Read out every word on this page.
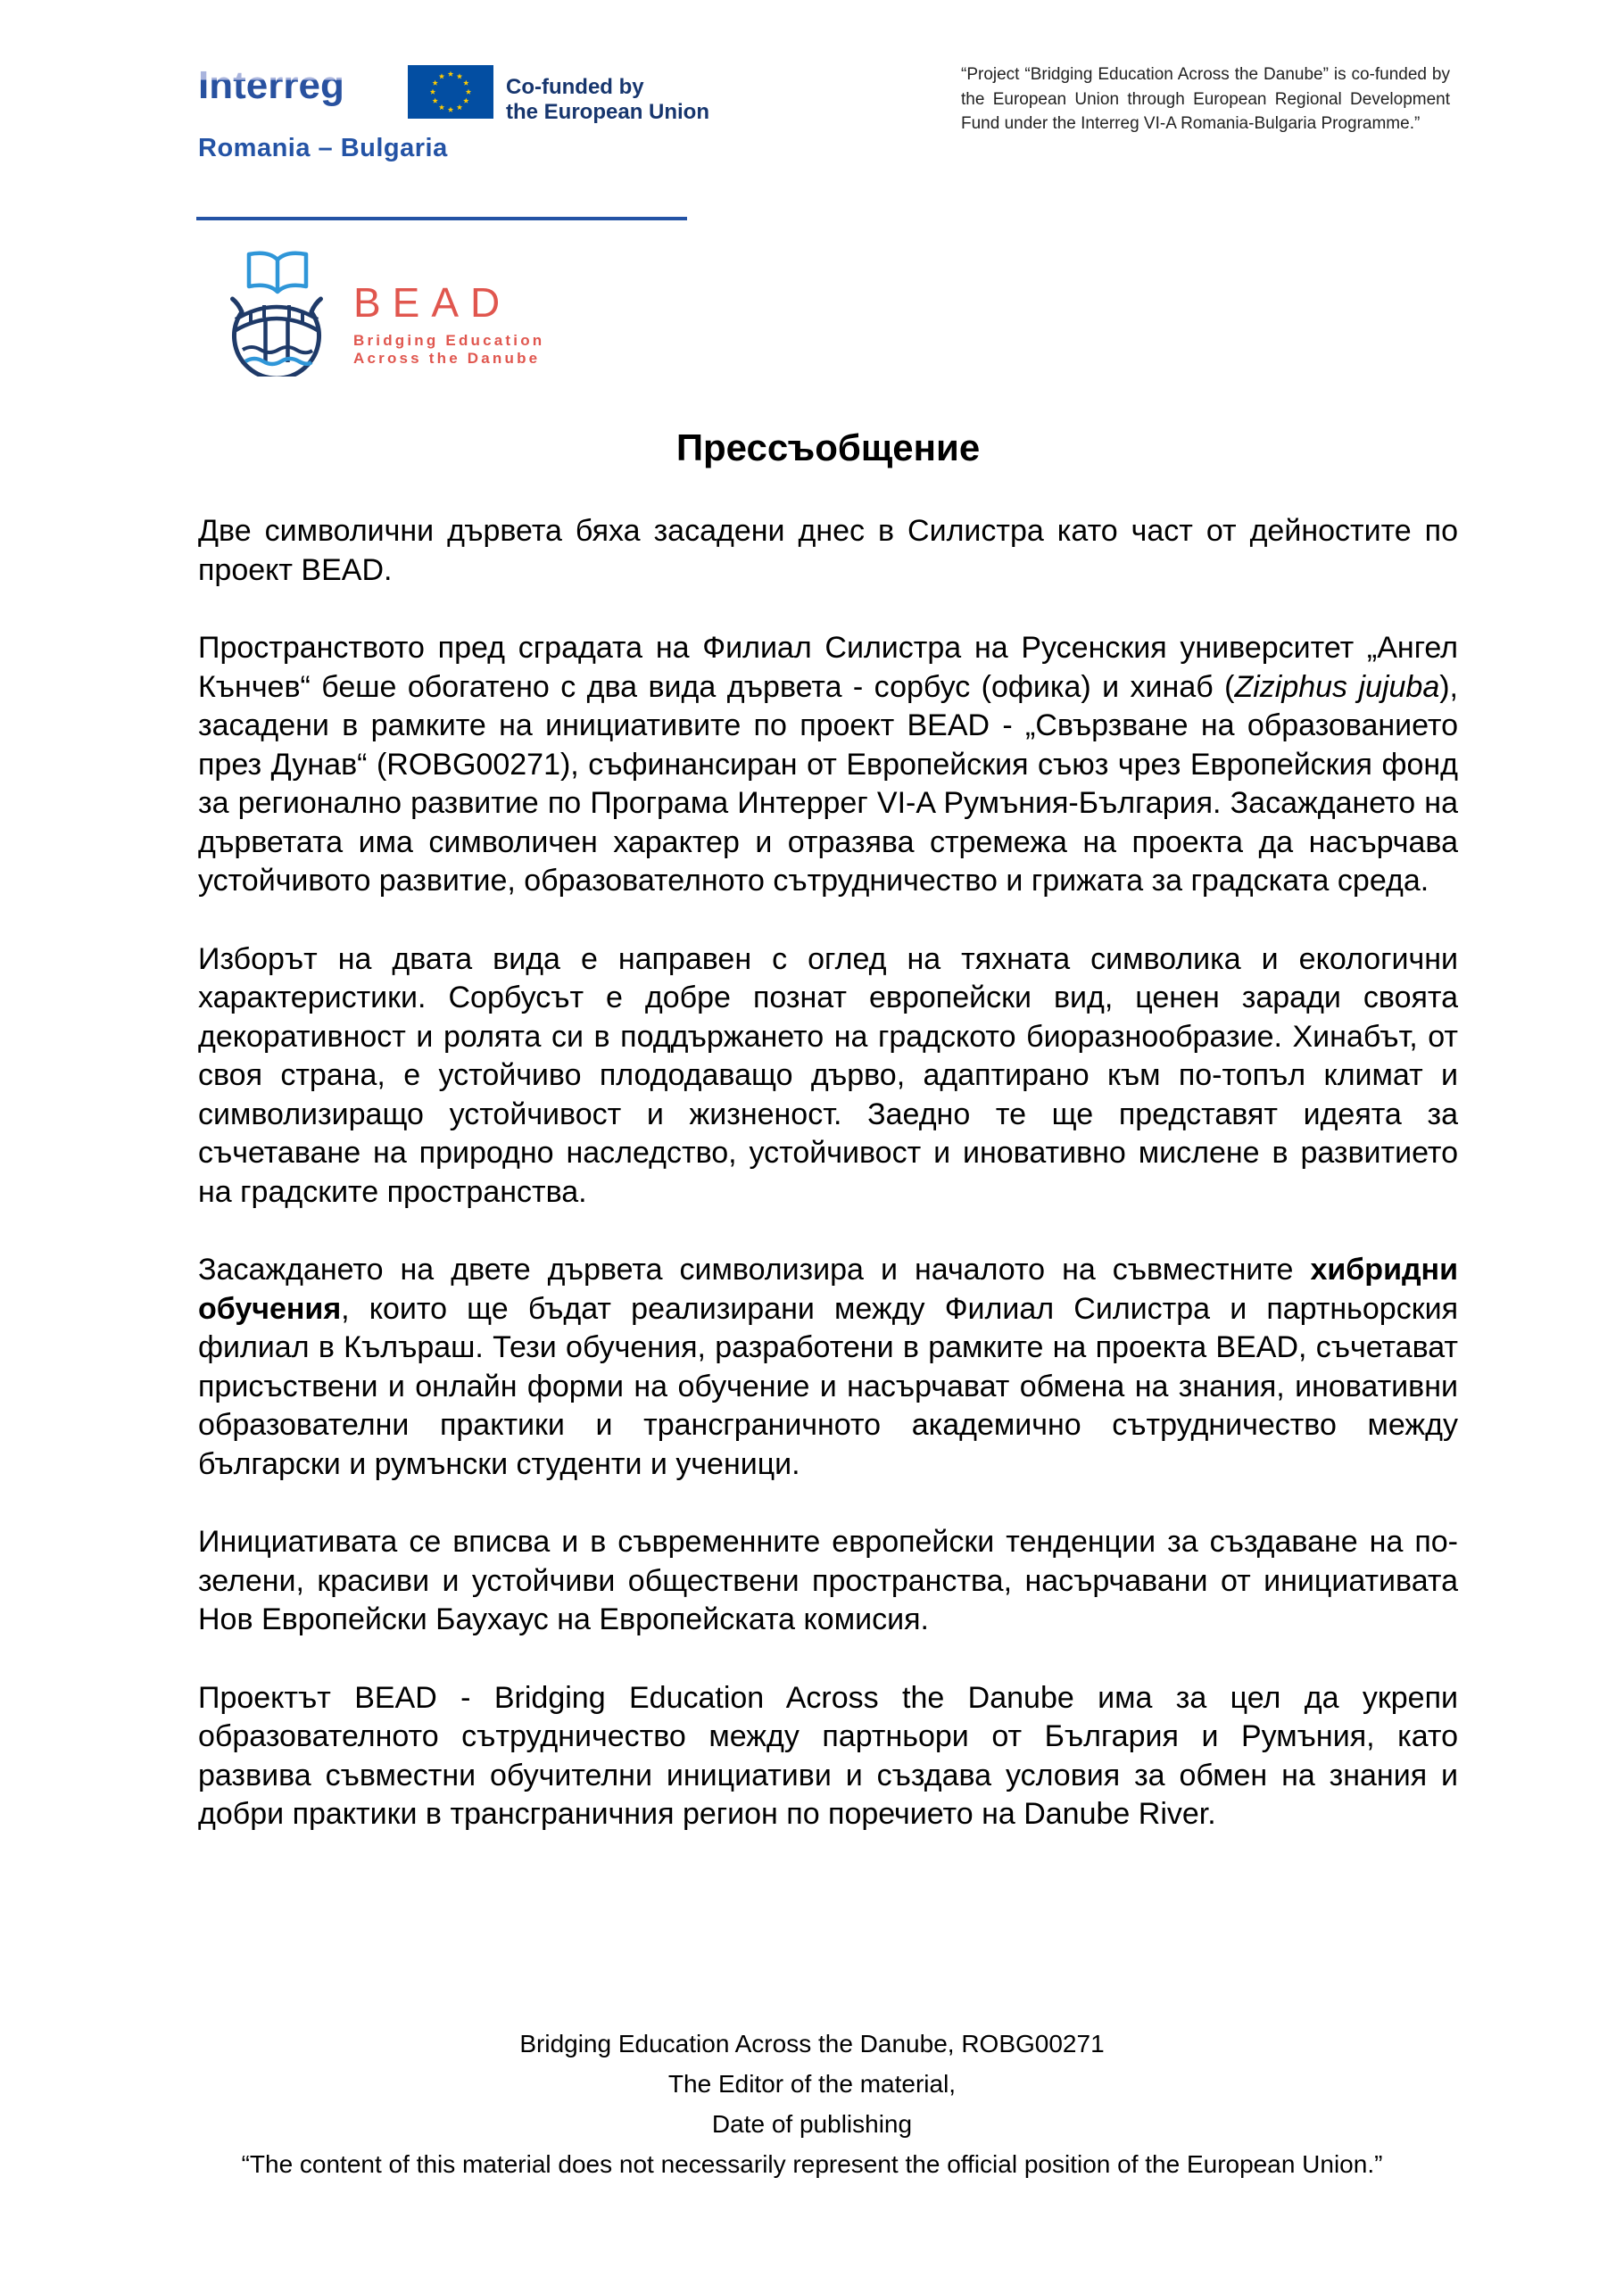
Interreg	Co-funded by
the European Union
Romania – Bulgaria
“Project “Bridging Education Across the Danube” is co-funded by the European Union through European Regional Development Fund under the Interreg VI-A Romania-Bulgaria Programme.”
BEAD
Bridging Education
Across the Danube
Прессъобщение

Две символични дървета бяха засадени днес в Силистра като част от дейностите по проект BEAD.

Пространството пред сградата на Филиал Силистра на Русенския университет „Ангел Кънчев“ беше обогатено с два вида дървета - сорбус (офика) и хинаб (Ziziphus jujuba), засадени в рамките на инициативите по проект BEAD - „Свързване на образованието през Дунав“ (ROBG00271), съфинансиран от Европейския съюз чрез Европейския фонд за регионално развитие по Програма Интеррег VI-A Румъния-България. Засаждането на дърветата има символичен характер и отразява стремежа на проекта да насърчава устойчивото развитие, образователното сътрудничество и грижата за градската среда.

Изборът на двата вида е направен с оглед на тяхната символика и екологични характеристики. Сорбусът е добре познат европейски вид, ценен заради своята декоративност и ролята си в поддържането на градското биоразнообразие. Хинабът, от своя страна, е устойчиво плододаващо дърво, адаптирано към по-топъл климат и символизиращо устойчивост и жизненост. Заедно те ще представят идеята за съчетаване на природно наследство, устойчивост и иновативно мислене в развитието на градските пространства.

Засаждането на двете дървета символизира и началото на съвместните хибридни обучения, които ще бъдат реализирани между Филиал Силистра и партньорския филиал в Кълъраш. Тези обучения, разработени в рамките на проекта BEAD, съчетават присъствени и онлайн форми на обучение и насърчават обмена на знания, иновативни образователни практики и трансграничното академично сътрудничество между български и румънски студенти и ученици.

Инициативата се вписва и в съвременните европейски тенденции за създаване на по-зелени, красиви и устойчиви обществени пространства, насърчавани от инициативата Нов Европейски Баухаус на Европейската комисия.

Проектът BEAD - Bridging Education Across the Danube има за цел да укрепи образователното сътрудничество между партньори от България и Румъния, като развива съвместни обучителни инициативи и създава условия за обмен на знания и добри практики в трансграничния регион по поречието на Danube River.

Bridging Education Across the Danube, ROBG00271
The Editor of the material,
Date of publishing
“The content of this material does not necessarily represent the official position of the European Union.”
